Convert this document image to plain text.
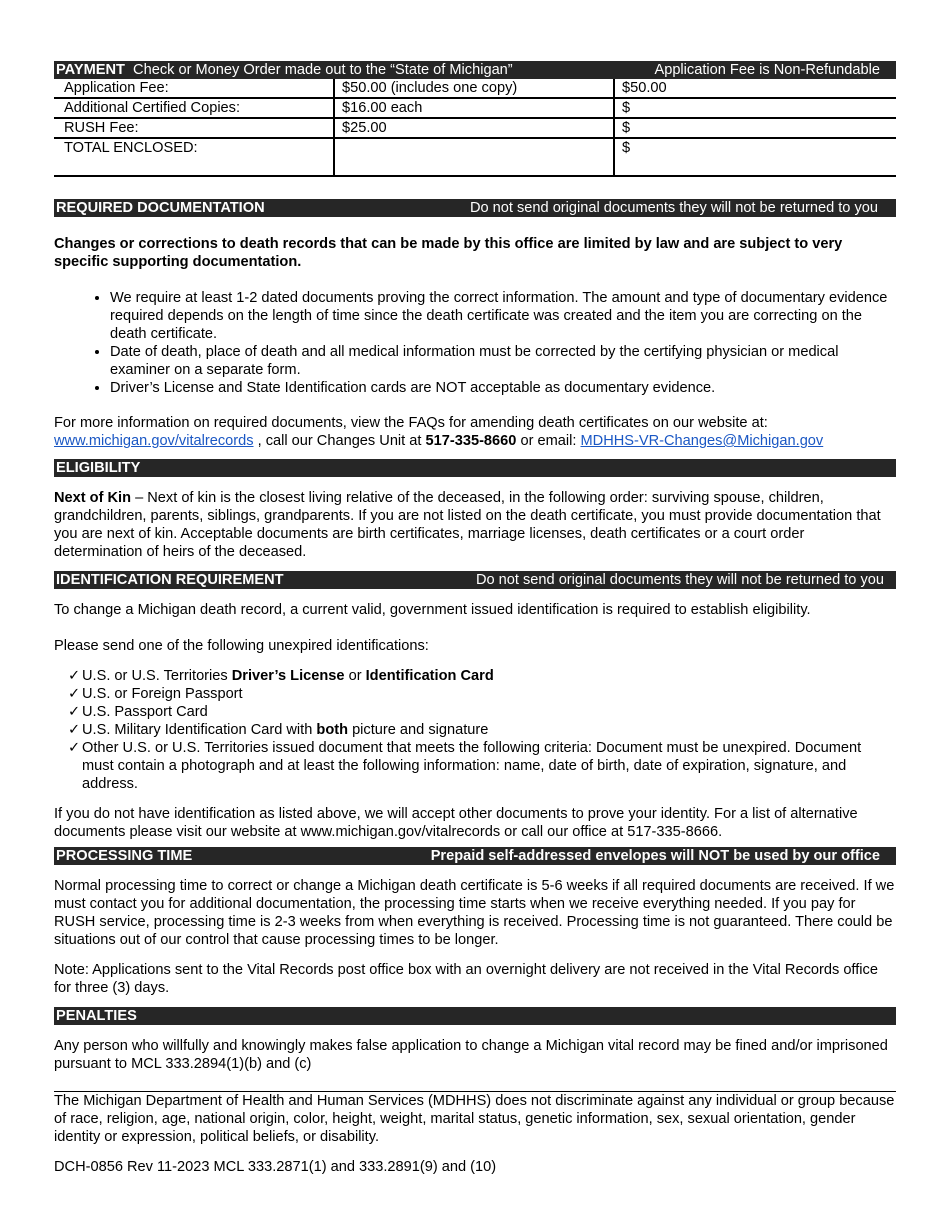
PAYMENT Check or Money Order made out to the “State of Michigan”	Application Fee is Non-Refundable
Application Fee:	$50.00 (includes one copy)	$50.00
Additional Certified Copies:	$16.00 each	$
RUSH Fee:	$25.00	$
TOTAL ENCLOSED:		$
REQUIRED DOCUMENTATION	Do not send original documents they will not be returned to you

Changes or corrections to death records that can be made by this office are limited by law and are subject to very specific supporting documentation.

• We require at least 1-2 dated documents proving the correct information. The amount and type of documentary evidence required depends on the length of time since the death certificate was created and the item you are correcting on the death certificate.
• Date of death, place of death and all medical information must be corrected by the certifying physician or medical examiner on a separate form.
• Driver’s License and State Identification cards are NOT acceptable as documentary evidence.

For more information on required documents, view the FAQs for amending death certificates on our website at: www.michigan.gov/vitalrecords , call our Changes Unit at 517-335-8660 or email: MDHHS-VR-Changes@Michigan.gov

ELIGIBILITY

Next of Kin – Next of kin is the closest living relative of the deceased, in the following order: surviving spouse, children, grandchildren, parents, siblings, grandparents. If you are not listed on the death certificate, you must provide documentation that you are next of kin. Acceptable documents are birth certificates, marriage licenses, death certificates or a court order determination of heirs of the deceased.

IDENTIFICATION REQUIREMENT	Do not send original documents they will not be returned to you

To change a Michigan death record, a current valid, government issued identification is required to establish eligibility.

Please send one of the following unexpired identifications:

✓ U.S. or U.S. Territories Driver’s License or Identification Card
✓ U.S. or Foreign Passport
✓ U.S. Passport Card
✓ U.S. Military Identification Card with both picture and signature
✓ Other U.S. or U.S. Territories issued document that meets the following criteria: Document must be unexpired. Document must contain a photograph and at least the following information: name, date of birth, date of expiration, signature, and address.

If you do not have identification as listed above, we will accept other documents to prove your identity. For a list of alternative documents please visit our website at www.michigan.gov/vitalrecords or call our office at 517-335-8666.

PROCESSING TIME	Prepaid self-addressed envelopes will NOT be used by our office

Normal processing time to correct or change a Michigan death certificate is 5-6 weeks if all required documents are received. If we must contact you for additional documentation, the processing time starts when we receive everything needed. If you pay for RUSH service, processing time is 2-3 weeks from when everything is received. Processing time is not guaranteed. There could be situations out of our control that cause processing times to be longer.

Note: Applications sent to the Vital Records post office box with an overnight delivery are not received in the Vital Records office for three (3) days.

PENALTIES

Any person who willfully and knowingly makes false application to change a Michigan vital record may be fined and/or imprisoned pursuant to MCL 333.2894(1)(b) and (c)

The Michigan Department of Health and Human Services (MDHHS) does not discriminate against any individual or group because of race, religion, age, national origin, color, height, weight, marital status, genetic information, sex, sexual orientation, gender identity or expression, political beliefs, or disability.

DCH-0856 Rev 11-2023 MCL 333.2871(1) and 333.2891(9) and (10)
